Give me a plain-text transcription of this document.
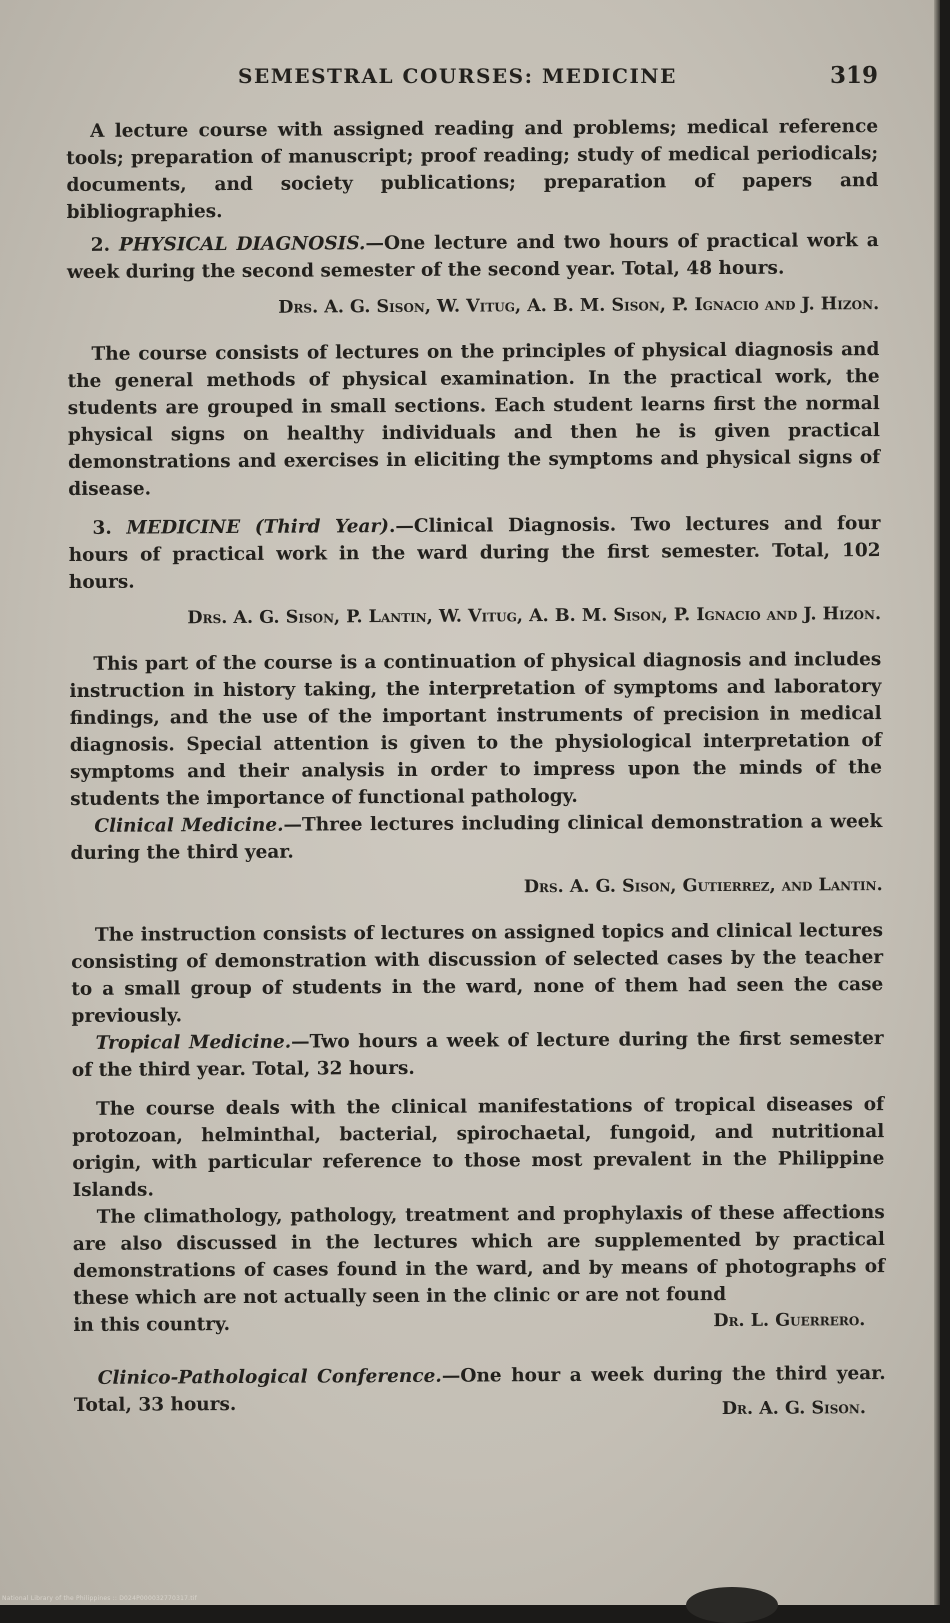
SEMESTRAL COURSES: MEDICINE	319

A lecture course with assigned reading and problems; medical reference tools; preparation of manuscript; proof reading; study of medical periodicals; documents, and society publications; preparation of papers and bibliographies.

2. PHYSICAL DIAGNOSIS.—One lecture and two hours of practical work a week during the second semester of the second year. Total, 48 hours.

Drs. A. G. Sison, W. Vitug, A. B. M. Sison, P. Ignacio and J. Hizon.

The course consists of lectures on the principles of physical diagnosis and the general methods of physical examination. In the practical work, the students are grouped in small sections. Each student learns first the normal physical signs on healthy individuals and then he is given practical demonstrations and exercises in eliciting the symptoms and physical signs of disease.

3. MEDICINE (Third Year).—Clinical Diagnosis. Two lectures and four hours of practical work in the ward during the first semester. Total, 102 hours.

Drs. A. G. Sison, P. Lantin, W. Vitug, A. B. M. Sison, P. Ignacio and J. Hizon.

This part of the course is a continuation of physical diagnosis and includes instruction in history taking, the interpretation of symptoms and laboratory findings, and the use of the important instruments of precision in medical diagnosis. Special attention is given to the physiological interpretation of symptoms and their analysis in order to impress upon the minds of the students the importance of functional pathology.

Clinical Medicine.—Three lectures including clinical demonstration a week during the third year.

Drs. A. G. Sison, Gutierrez, and Lantin.

The instruction consists of lectures on assigned topics and clinical lectures consisting of demonstration with discussion of selected cases by the teacher to a small group of students in the ward, none of them had seen the case previously.

Tropical Medicine.—Two hours a week of lecture during the first semester of the third year. Total, 32 hours.

The course deals with the clinical manifestations of tropical diseases of protozoan, helminthal, bacterial, spirochaetal, fungoid, and nutritional origin, with particular reference to those most prevalent in the Philippine Islands.

The climathology, pathology, treatment and prophylaxis of these affections are also discussed in the lectures which are supplemented by practical demonstrations of cases found in the ward, and by means of photographs of these which are not actually seen in the clinic or are not found

in this country.	Dr. L. Guerrero.

Clinico-Pathological Conference.—One hour a week during the third year. Total, 33 hours.	Dr. A. G. Sison.
National Library of the Philippines :: D024P000032770317.tif
